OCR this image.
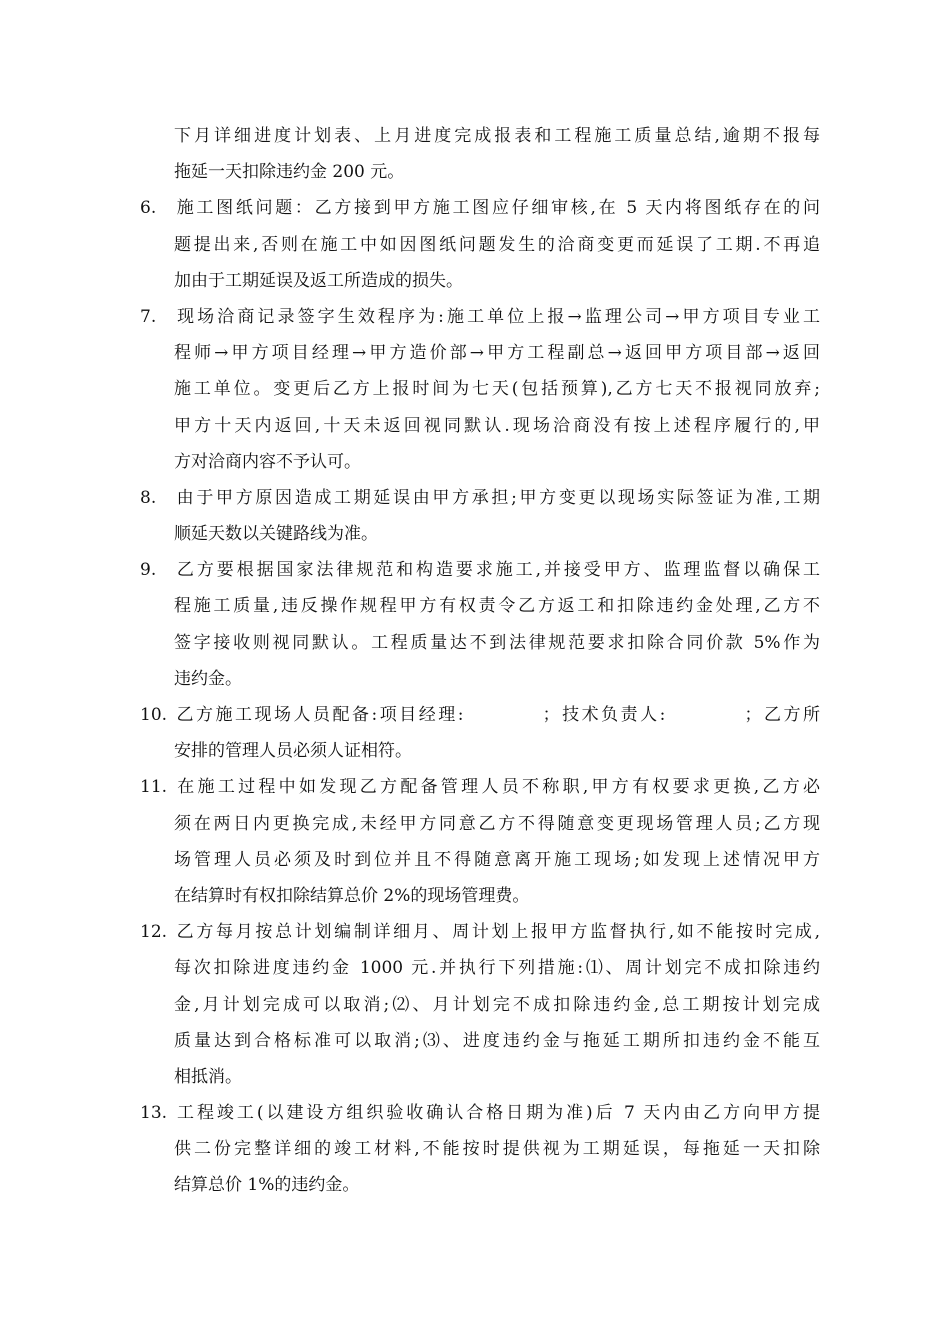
下月详细进度计划表、上月进度完成报表和工程施工质量总结,逾期不报每
拖延一天扣除违约金 200 元。
6. 施工图纸问题：乙方接到甲方施工图应仔细审核,在 5 天内将图纸存在的问
题提出来,否则在施工中如因图纸问题发生的洽商变更而延误了工期.不再追
加由于工期延误及返工所造成的损失。
7. 现场洽商记录签字生效程序为:施工单位上报→监理公司→甲方项目专业工
程师→甲方项目经理→甲方造价部→甲方工程副总→返回甲方项目部→返回
施工单位。变更后乙方上报时间为七天(包括预算),乙方七天不报视同放弃;
甲方十天内返回,十天未返回视同默认.现场洽商没有按上述程序履行的,甲
方对洽商内容不予认可。
8. 由于甲方原因造成工期延误由甲方承担;甲方变更以现场实际签证为准,工期
顺延天数以关键路线为准。
9. 乙方要根据国家法律规范和构造要求施工,并接受甲方、监理监督以确保工
程施工质量,违反操作规程甲方有权责令乙方返工和扣除违约金处理,乙方不
签字接收则视同默认。工程质量达不到法律规范要求扣除合同价款 5%作为
违约金。
10. 乙方施工现场人员配备:项目经理:          ；技术负责人:          ；乙方所
安排的管理人员必须人证相符。
11. 在施工过程中如发现乙方配备管理人员不称职,甲方有权要求更换,乙方必
须在两日内更换完成,未经甲方同意乙方不得随意变更现场管理人员;乙方现
场管理人员必须及时到位并且不得随意离开施工现场;如发现上述情况甲方
在结算时有权扣除结算总价 2%的现场管理费。
12. 乙方每月按总计划编制详细月、周计划上报甲方监督执行,如不能按时完成,
每次扣除进度违约金 1000 元.并执行下列措施:⑴、周计划完不成扣除违约
金,月计划完成可以取消;⑵、月计划完不成扣除违约金,总工期按计划完成
质量达到合格标准可以取消;⑶、进度违约金与拖延工期所扣违约金不能互
相抵消。
13. 工程竣工(以建设方组织验收确认合格日期为准)后 7 天内由乙方向甲方提
供二份完整详细的竣工材料,不能按时提供视为工期延误，每拖延一天扣除
结算总价 1%的违约金。
